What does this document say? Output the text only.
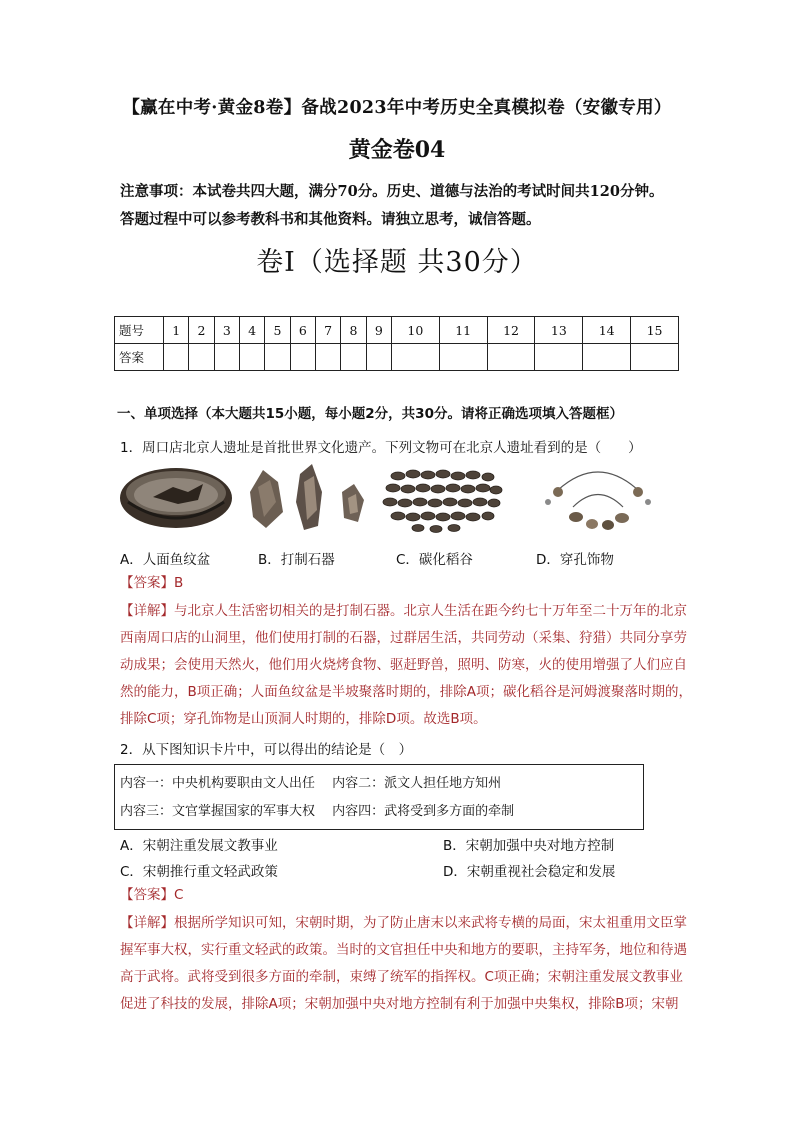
【赢在中考·黄金8卷】备战2023年中考历史全真模拟卷（安徽专用）
黄金卷04
注意事项：本试卷共四大题，满分70分。历史、道德与法治的考试时间共120分钟。
答题过程中可以参考教科书和其他资料。请独立思考，诚信答题。
卷Ⅰ（选择题 共30分）
题号	1	2	3	4	5	6	7	8	9	10	11	12	13	14	15
答案															
一、单项选择（本大题共15小题，每小题2分，共30分。请将正确选项填入答题框）
1．周口店北京人遗址是首批世界文化遗产。下列文物可在北京人遗址看到的是（　　）
A．人面鱼纹盆	B．打制石器	C．碳化稻谷	D．穿孔饰物
【答案】B
【详解】与北京人生活密切相关的是打制石器。北京人生活在距今约七十万年至二十万年的北京
西南周口店的山洞里，他们使用打制的石器，过群居生活，共同劳动（采集、狩猎）共同分享劳
动成果；会使用天然火，他们用火烧烤食物、驱赶野兽，照明、防寒，火的使用增强了人们应自
然的能力，B项正确；人面鱼纹盆是半坡聚落时期的，排除A项；碳化稻谷是河姆渡聚落时期的，
排除C项；穿孔饰物是山顶洞人时期的，排除D项。故选B项。
2．从下图知识卡片中，可以得出的结论是（　）
内容一：中央机构要职由文人出任　 内容二：派文人担任地方知州
内容三：文官掌握国家的军事大权　 内容四：武将受到多方面的牵制
A．宋朝注重发展文教事业	B．宋朝加强中央对地方控制
C．宋朝推行重文轻武政策	D．宋朝重视社会稳定和发展
【答案】C
【详解】根据所学知识可知，宋朝时期，为了防止唐末以来武将专横的局面，宋太祖重用文臣掌
握军事大权，实行重文轻武的政策。当时的文官担任中央和地方的要职，主持军务，地位和待遇
高于武将。武将受到很多方面的牵制，束缚了统军的指挥权。C项正确；宋朝注重发展文教事业
促进了科技的发展，排除A项；宋朝加强中央对地方控制有利于加强中央集权，排除B项；宋朝
